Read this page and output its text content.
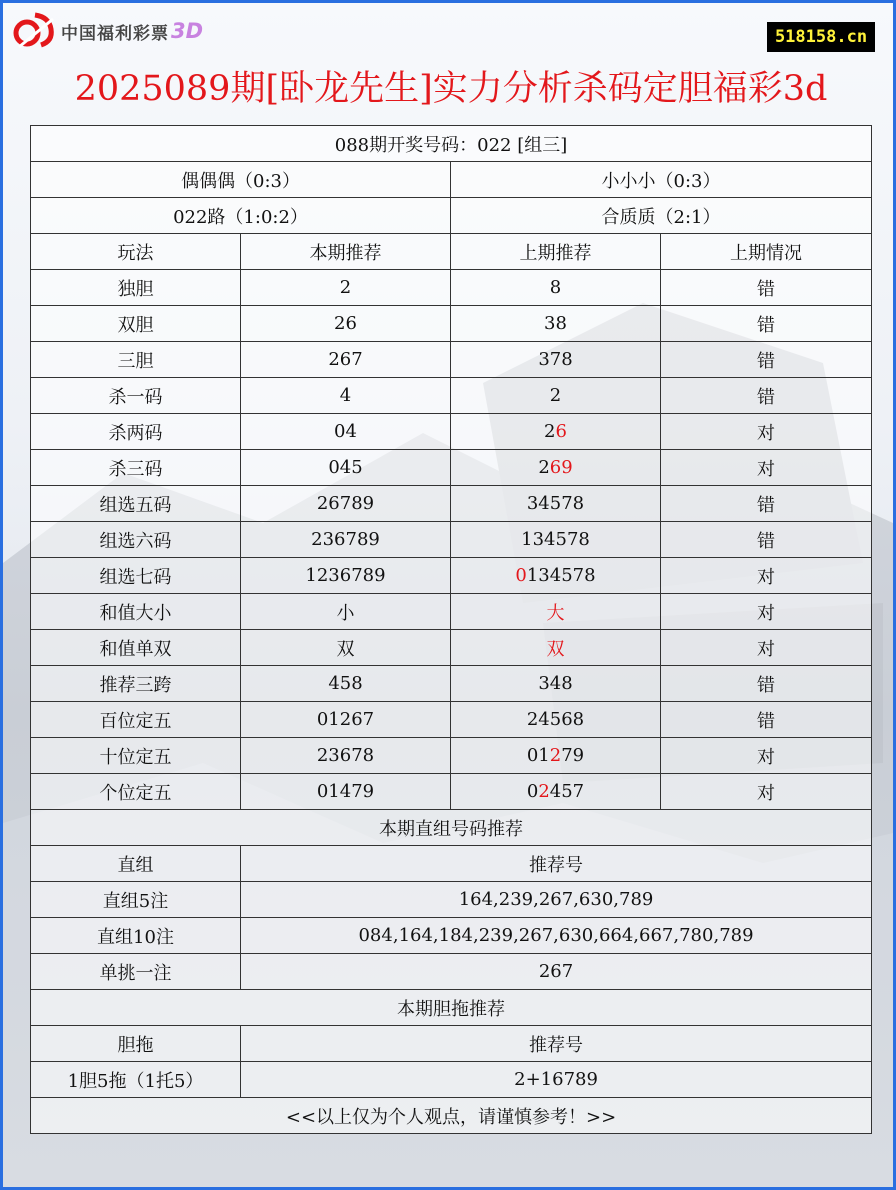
中国福利彩票 3D	518158.cn
2025089期[卧龙先生]实力分析杀码定胆福彩3d
088期开奖号码：022 [组三]			
偶偶偶（0:3）		小小小（0:3）	
022路（1:0:2）		合质质（2:1）	
玩法	本期推荐	上期推荐	上期情况
独胆	2	8	错
双胆	26	38	错
三胆	267	378	错
杀一码	4	2	错
杀两码	04	26	对
杀三码	045	269	对
组选五码	26789	34578	错
组选六码	236789	134578	错
组选七码	1236789	0134578	对
和值大小	小	大	对
和值单双	双	双	对
推荐三跨	458	348	错
百位定五	01267	24568	错
十位定五	23678	01279	对
个位定五	01479	02457	对
本期直组号码推荐			
直组	推荐号		
直组5注	164,239,267,630,789		
直组10注	084,164,184,239,267,630,664,667,780,789		
单挑一注	267		
本期胆拖推荐			
胆拖	推荐号		
1胆5拖（1托5）	2+16789		
<<以上仅为个人观点，请谨慎参考！>>			
